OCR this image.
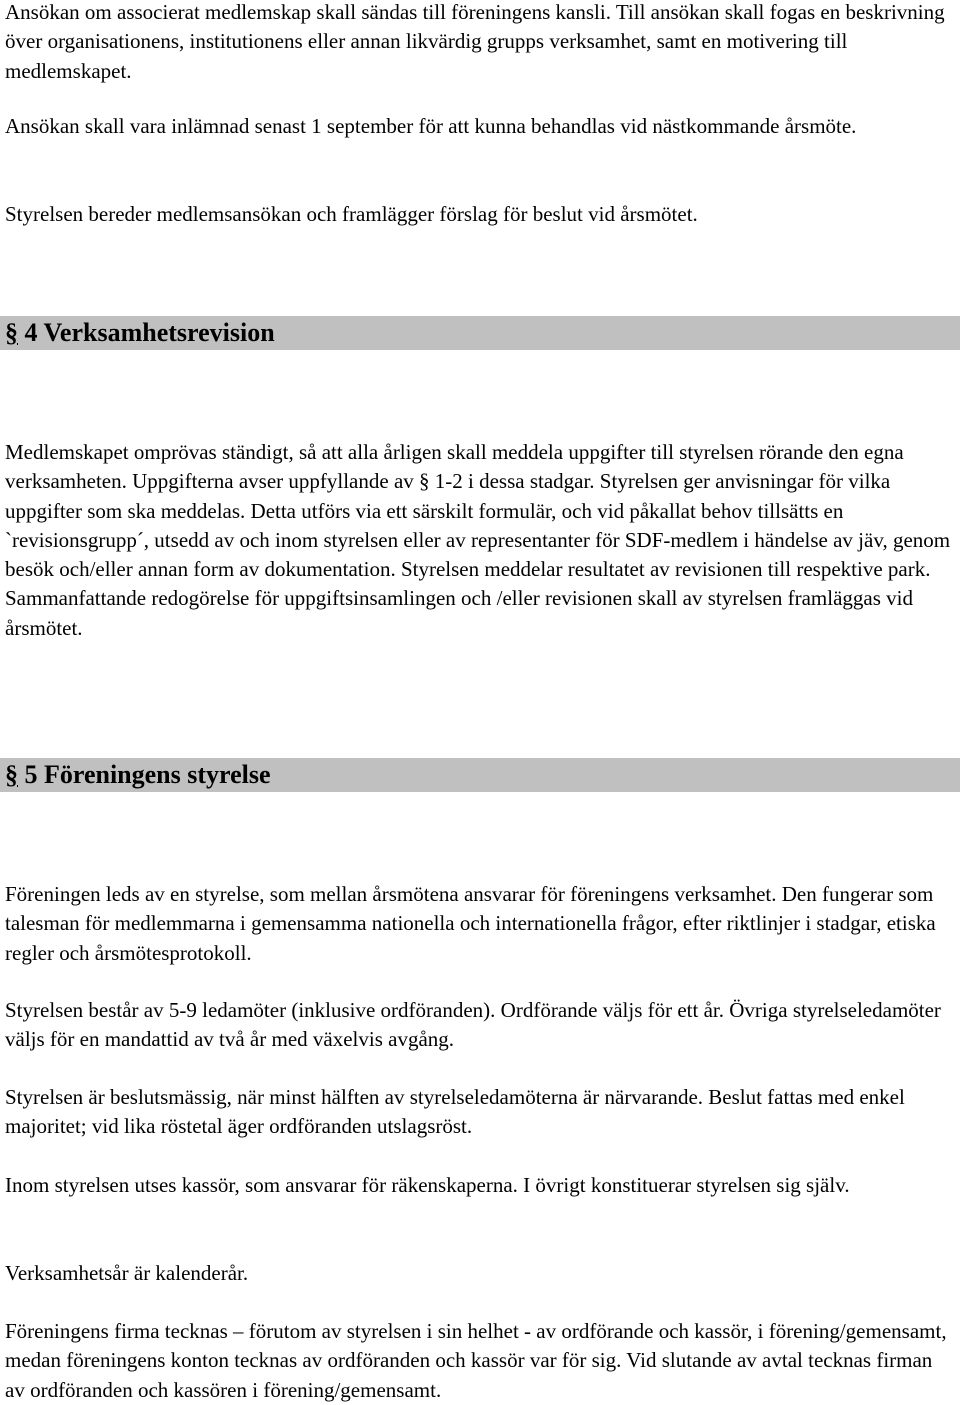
Ansökan om associerat medlemskap skall sändas till föreningens kansli. Till ansökan skall fogas en beskrivning över organisationens, institutionens eller annan likvärdig grupps verksamhet, samt en motivering till medlemskapet.

Ansökan skall vara inlämnad senast 1 september för att kunna behandlas vid nästkommande årsmöte.

Styrelsen bereder medlemsansökan och framlägger förslag för beslut vid årsmötet.

§ 4 Verksamhetsrevision

Medlemskapet omprövas ständigt, så att alla årligen skall meddela uppgifter till styrelsen rörande den egna verksamheten. Uppgifterna avser uppfyllande av § 1-2 i dessa stadgar. Styrelsen ger anvisningar för vilka uppgifter som ska meddelas. Detta utförs via ett särskilt formulär, och vid påkallat behov tillsätts en `revisionsgrupp´, utsedd av och inom styrelsen eller av representanter för SDF-medlem i händelse av jäv, genom besök och/eller annan form av dokumentation. Styrelsen meddelar resultatet av revisionen till respektive park. Sammanfattande redogörelse för uppgiftsinsamlingen och /eller revisionen skall av styrelsen framläggas vid årsmötet.

§ 5 Föreningens styrelse

Föreningen leds av en styrelse, som mellan årsmötena ansvarar för föreningens verksamhet. Den fungerar som talesman för medlemmarna i gemensamma nationella och internationella frågor, efter riktlinjer i stadgar, etiska regler och årsmötesprotokoll.

Styrelsen består av 5-9 ledamöter (inklusive ordföranden). Ordförande väljs för ett år. Övriga styrelseledamöter väljs för en mandattid av två år med växelvis avgång.

Styrelsen är beslutsmässig, när minst hälften av styrelseledamöterna är närvarande. Beslut fattas med enkel majoritet; vid lika röstetal äger ordföranden utslagsröst.

Inom styrelsen utses kassör, som ansvarar för räkenskaperna. I övrigt konstituerar styrelsen sig själv.

Verksamhetsår är kalenderår.

Föreningens firma tecknas – förutom av styrelsen i sin helhet - av ordförande och kassör, i förening/gemensamt, medan föreningens konton tecknas av ordföranden och kassör var för sig. Vid slutande av avtal tecknas firman av ordföranden och kassören i förening/gemensamt.
